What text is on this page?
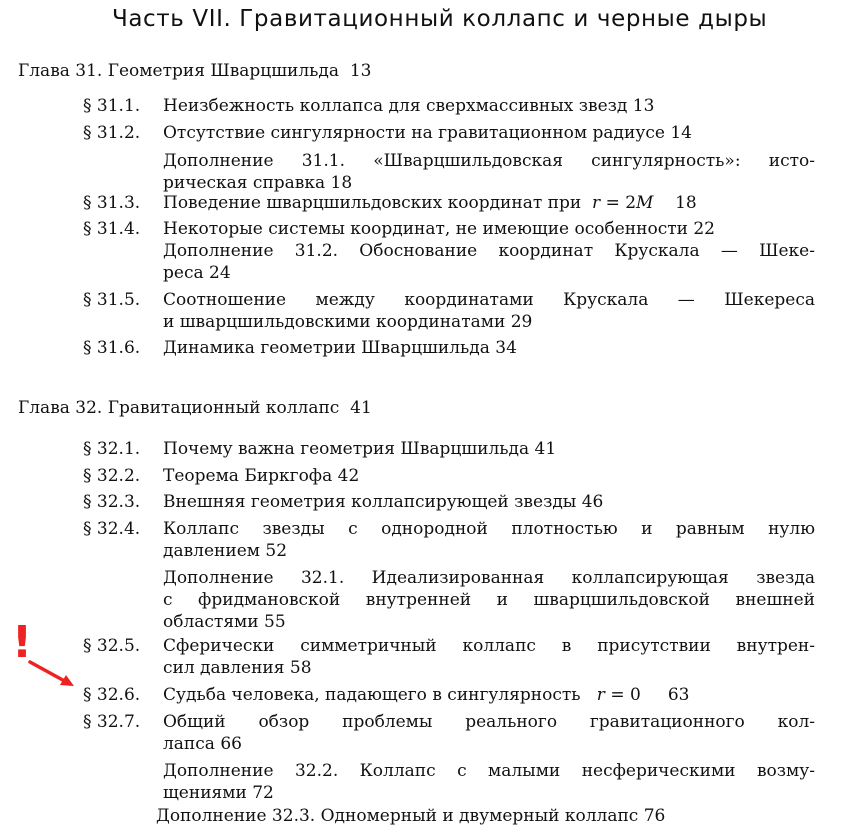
Часть VII. Гравитационный коллапс и черные дыры
Глава 31. Геометрия Шварцшильда 13
§ 31.1. Неизбежность коллапса для сверхмассивных звезд 13
§ 31.2. Отсутствие сингулярности на гравитационном радиусе 14
Дополнение 31.1. «Шварцшильдовская сингулярность»: исто-
рическая справка 18
§ 31.3. Поведение шварцшильдовских координат при r = 2M 18
§ 31.4. Некоторые системы координат, не имеющие особенности 22
Дополнение 31.2. Обоснование координат Крускала — Шеке-
реса 24
§ 31.5. Соотношение между координатами Крускала — Шекереса
и шварцшильдовскими координатами 29
§ 31.6. Динамика геометрии Шварцшильда 34
Глава 32. Гравитационный коллапс 41
§ 32.1. Почему важна геометрия Шварцшильда 41
§ 32.2. Теорема Биркгофа 42
§ 32.3. Внешняя геометрия коллапсирующей звезды 46
§ 32.4. Коллапс звезды с однородной плотностью и равным нулю
давлением 52
Дополнение 32.1. Идеализированная коллапсирующая звезда
с фридмановской внутренней и шварцшильдовской внешней
областями 55
§ 32.5. Сферически симметричный коллапс в присутствии внутрен-
сил давления 58
§ 32.6. Судьба человека, падающего в сингулярность r = 0 63
§ 32.7. Общий обзор проблемы реального гравитационного кол-
лапса 66
Дополнение 32.2. Коллапс с малыми несферическими возму-
щениями 72
Дополнение 32.3. Одномерный и двумерный коллапс 76
!
